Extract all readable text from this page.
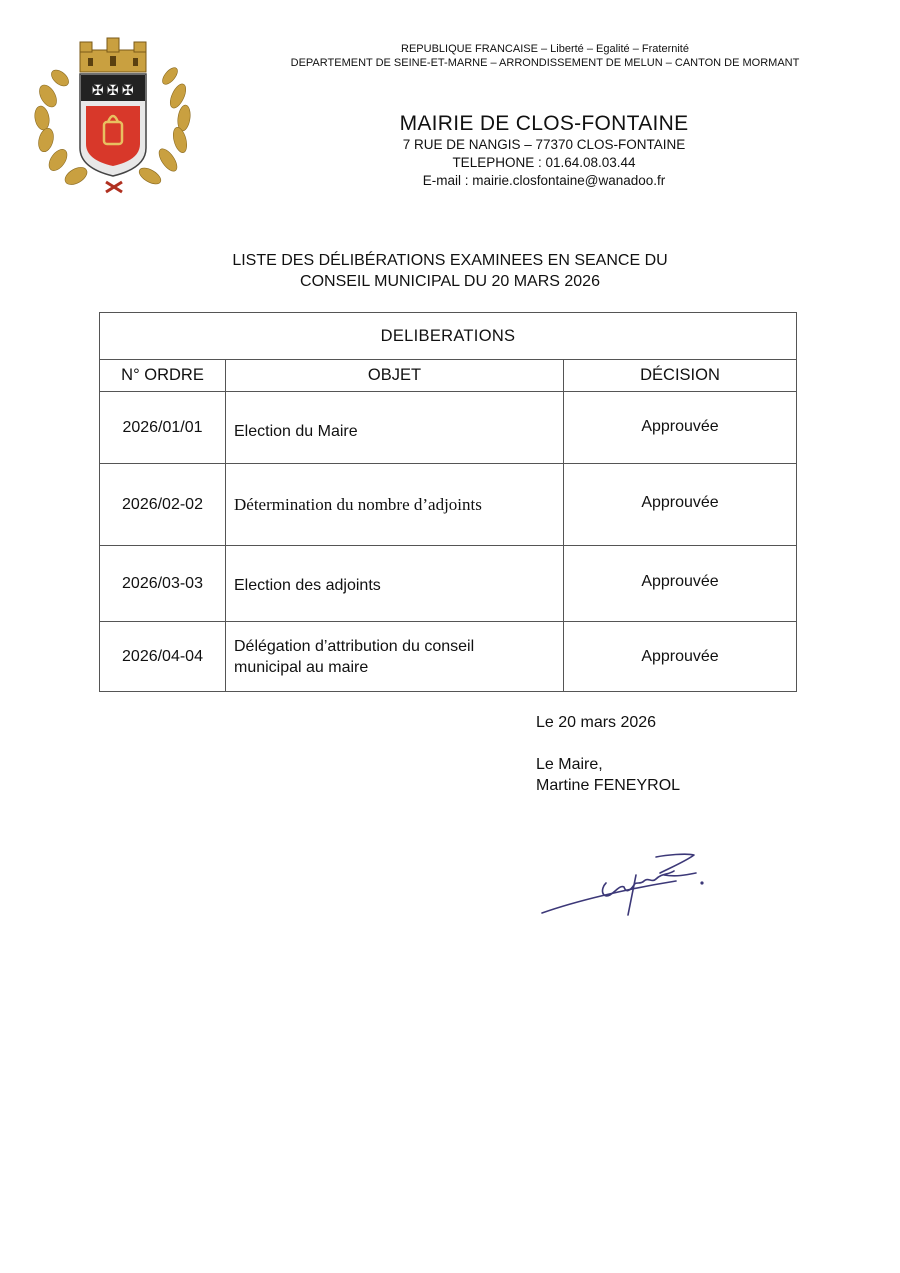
✠ ✠ ✠
REPUBLIQUE FRANCAISE – Liberté – Egalité – Fraternité
DEPARTEMENT DE SEINE-ET-MARNE – ARRONDISSEMENT DE MELUN – CANTON DE MORMANT
MAIRIE DE CLOS-FONTAINE
7 RUE DE NANGIS – 77370 CLOS-FONTAINE
TELEPHONE : 01.64.08.03.44
E-mail : mairie.closfontaine@wanadoo.fr
LISTE DES DÉLIBÉRATIONS EXAMINEES EN SEANCE DU
CONSEIL MUNICIPAL DU 20 MARS 2026
DELIBERATIONS		
N° ORDRE	OBJET	DÉCISION
2026/01/01	Election du Maire	Approuvée

2026/02-02	Détermination du nombre d’adjoints	Approuvée

2026/03-03	Election des adjoints	Approuvée

2026/04-04	Délégation d’attribution du conseil municipal au maire	Approuvée
Le 20 mars 2026
Le Maire,
Martine FENEYROL
